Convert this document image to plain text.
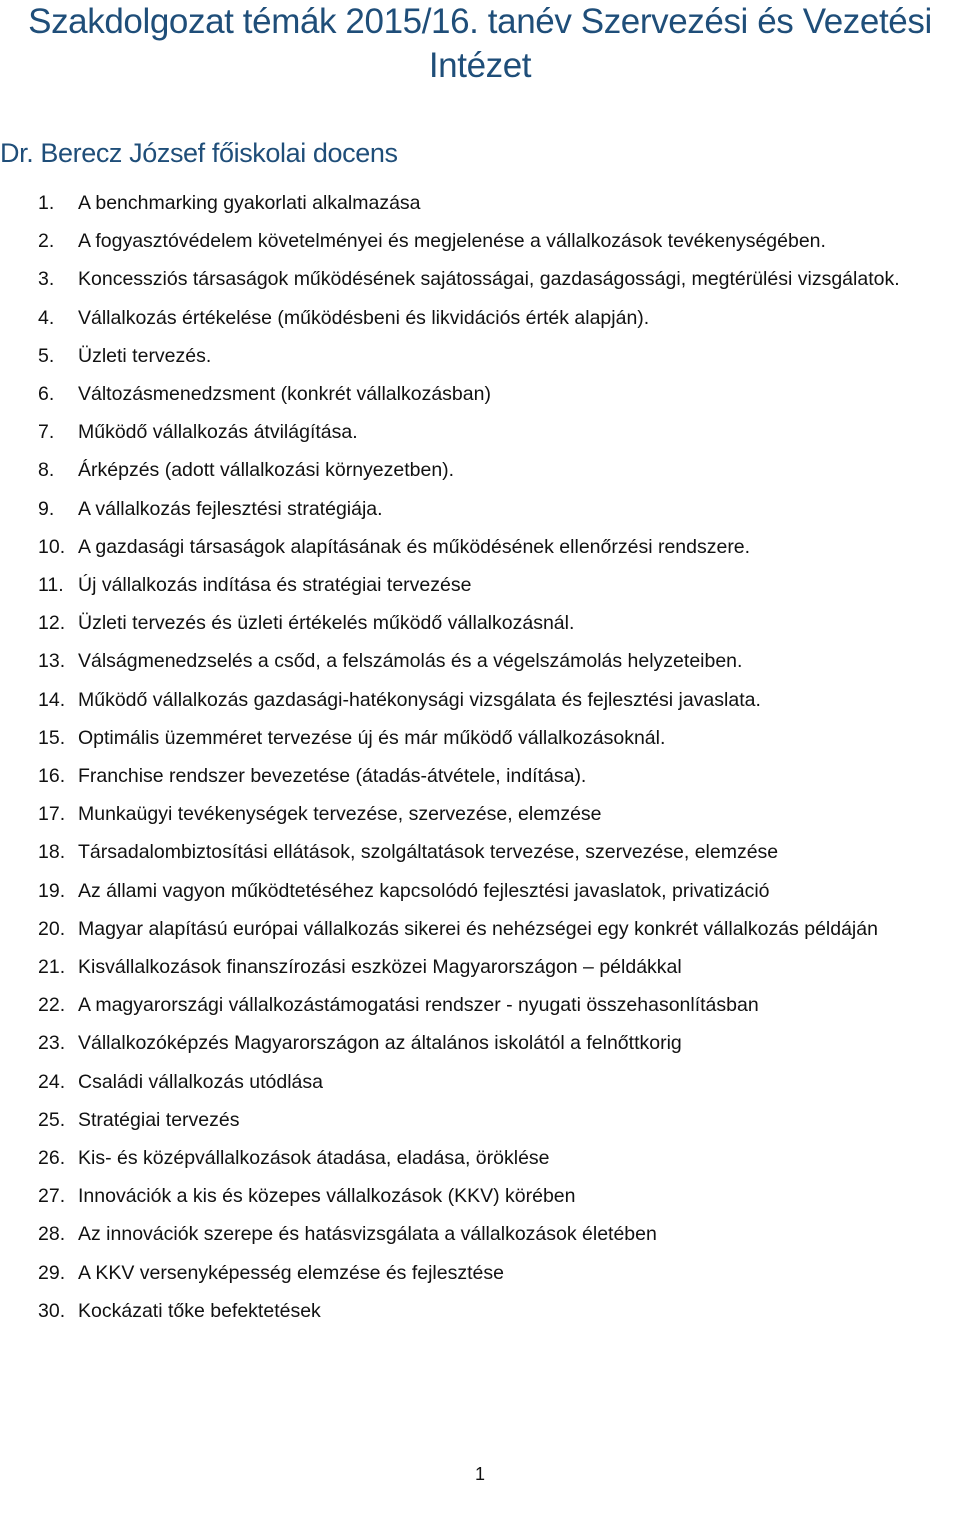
Szakdolgozat témák 2015/16. tanév Szervezési és Vezetési
Intézet
Dr. Berecz József főiskolai docens
1.	A benchmarking gyakorlati alkalmazása
2.	A fogyasztóvédelem követelményei és megjelenése a vállalkozások tevékenységében.
3.	Koncessziós társaságok működésének sajátosságai, gazdaságossági, megtérülési vizsgálatok.
4.	Vállalkozás értékelése (működésbeni és likvidációs érték alapján).
5.	Üzleti tervezés.
6.	Változásmenedzsment (konkrét vállalkozásban)
7.	Működő vállalkozás átvilágítása.
8.	Árképzés (adott vállalkozási környezetben).
9.	A vállalkozás fejlesztési stratégiája.
10. A gazdasági társaságok alapításának és működésének ellenőrzési rendszere.
11. Új vállalkozás indítása és stratégiai tervezése
12. Üzleti tervezés és üzleti értékelés működő vállalkozásnál.
13. Válságmenedzselés a csőd, a felszámolás és a végelszámolás helyzeteiben.
14. Működő vállalkozás gazdasági-hatékonysági vizsgálata és fejlesztési javaslata.
15. Optimális üzemméret tervezése új és már működő vállalkozásoknál.
16. Franchise rendszer bevezetése (átadás-átvétele, indítása).
17. Munkaügyi tevékenységek tervezése, szervezése, elemzése
18. Társadalombiztosítási ellátások, szolgáltatások tervezése, szervezése, elemzése
19. Az állami vagyon működtetéséhez kapcsolódó fejlesztési javaslatok, privatizáció
20. Magyar alapítású európai vállalkozás sikerei és nehézségei egy konkrét vállalkozás példáján
21. Kisvállalkozások finanszírozási eszközei Magyarországon – példákkal
22. A magyarországi vállalkozástámogatási rendszer - nyugati összehasonlításban
23. Vállalkozóképzés Magyarországon az általános iskolától a felnőttkorig
24. Családi vállalkozás utódlása
25. Stratégiai tervezés
26. Kis- és középvállalkozások átadása, eladása, öröklése
27. Innovációk a kis és közepes vállalkozások (KKV) körében
28. Az innovációk szerepe és hatásvizsgálata a vállalkozások életében
29. A KKV versenyképesség elemzése és fejlesztése
30. Kockázati tőke befektetések
1
